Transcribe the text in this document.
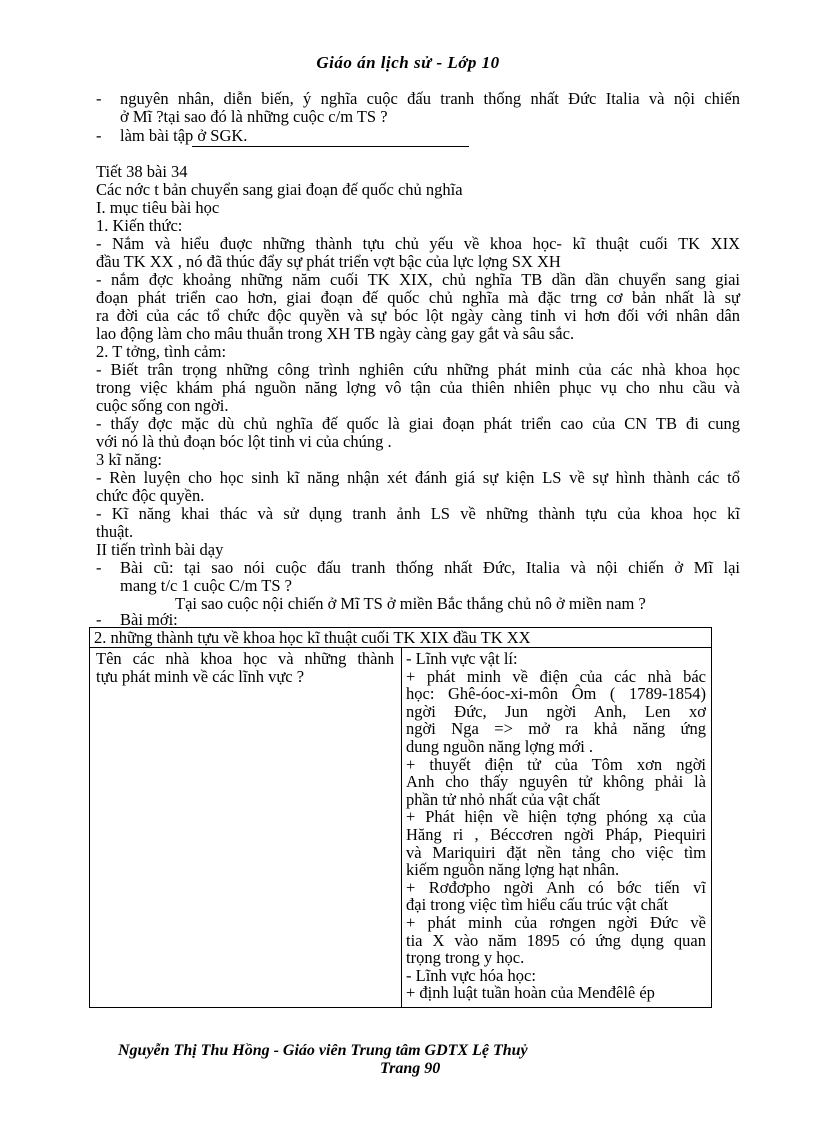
Giáo án lịch sử - Lớp 10
- nguyên nhân, diễn biến, ý nghĩa cuộc đấu tranh thống nhất Đức Italia và nội chiến
ở Mĩ ?tại sao đó là những cuộc c/m TS ?
- làm bài tập ở SGK.
Tiết 38 bài 34
Các nớc t bản chuyển sang giai đoạn đế quốc chủ nghĩa
I. mục tiêu bài học
1. Kiến thức:
- Nắm và hiểu đuợc những thành tựu chủ yếu về khoa học- kĩ thuật cuối TK XIX
đầu TK XX , nó đã thúc đẩy sự phát triển vợt bậc của lực lợng SX XH
- nắm đợc khoảng những năm cuối TK XIX, chủ nghĩa TB dần dần chuyển sang giai
đoạn phát triển cao hơn, giai đoạn đế quốc chủ nghĩa mà đặc trng cơ bản nhất là sự
ra đời của các tổ chức độc quyền và sự bóc lột ngày càng tinh vi hơn đối với nhân dân
lao động làm cho mâu thuẫn trong XH TB ngày càng gay gắt và sâu sắc.
2. T tởng, tình cảm:
- Biết trân trọng những công trình nghiên cứu những phát minh của các nhà khoa học
trong việc khám phá nguồn năng lợng vô tận của thiên nhiên phục vụ cho nhu cầu và
cuộc sống con ngời.
- thấy đợc mặc dù chủ nghĩa đế quốc là giai đoạn phát triển cao của CN TB đi cung
với nó là thủ đoạn bóc lột tinh vi của chúng .
3 kĩ năng:
- Rèn luyện cho học sinh kĩ năng nhận xét đánh giá sự kiện LS về sự hình thành các tổ
chức độc quyền.
- Kĩ năng khai thác và sử dụng tranh ảnh LS về những thành tựu của khoa học kĩ
thuật.
II tiến trình bài dạy
- Bài cũ: tại sao nói cuộc đấu tranh thống nhất Đức, Italia và nội chiến ở Mĩ lại
mang t/c 1 cuộc C/m TS ?
Tại sao cuộc nội chiến ở Mĩ TS ở miền Bắc thắng chủ nô ở miền nam ?
- Bài mới:
2. những thành tựu về khoa học kĩ thuật cuối TK XIX đầu TK XX
Tên các nhà khoa học và những thành
tựu phát minh về các lĩnh vực ?
- Lĩnh vực vật lí:
+ phát minh về điện của các nhà bác
học: Ghê-óoc-xi-môn Ôm ( 1789-1854)
ngời Đức, Jun ngời Anh, Len xơ
ngời Nga => mở ra khả năng ứng
dung nguồn năng lợng mới .
+ thuyết điện tử của Tôm xơn ngời
Anh cho thấy nguyên tử không phải là
phần tử nhỏ nhất của vật chất
+ Phát hiện về hiện tợng phóng xạ của
Hăng ri , Béccơren ngời Pháp, Piequiri
và Mariquiri đặt nền tảng cho việc tìm
kiếm nguồn năng lợng hạt nhân.
+ Rơđơpho ngời Anh có bớc tiến vĩ
đại trong việc tìm hiểu cấu trúc vật chất
+ phát minh của rơngen ngời Đức về
tia X vào năm 1895 có ứng dụng quan
trọng trong y học.
- Lĩnh vực hóa học:
+ định luật tuần hoàn của Menđêlê ép
Nguyễn Thị Thu Hồng - Giáo viên Trung tâm GDTX Lệ Thuỷ
Trang 90
